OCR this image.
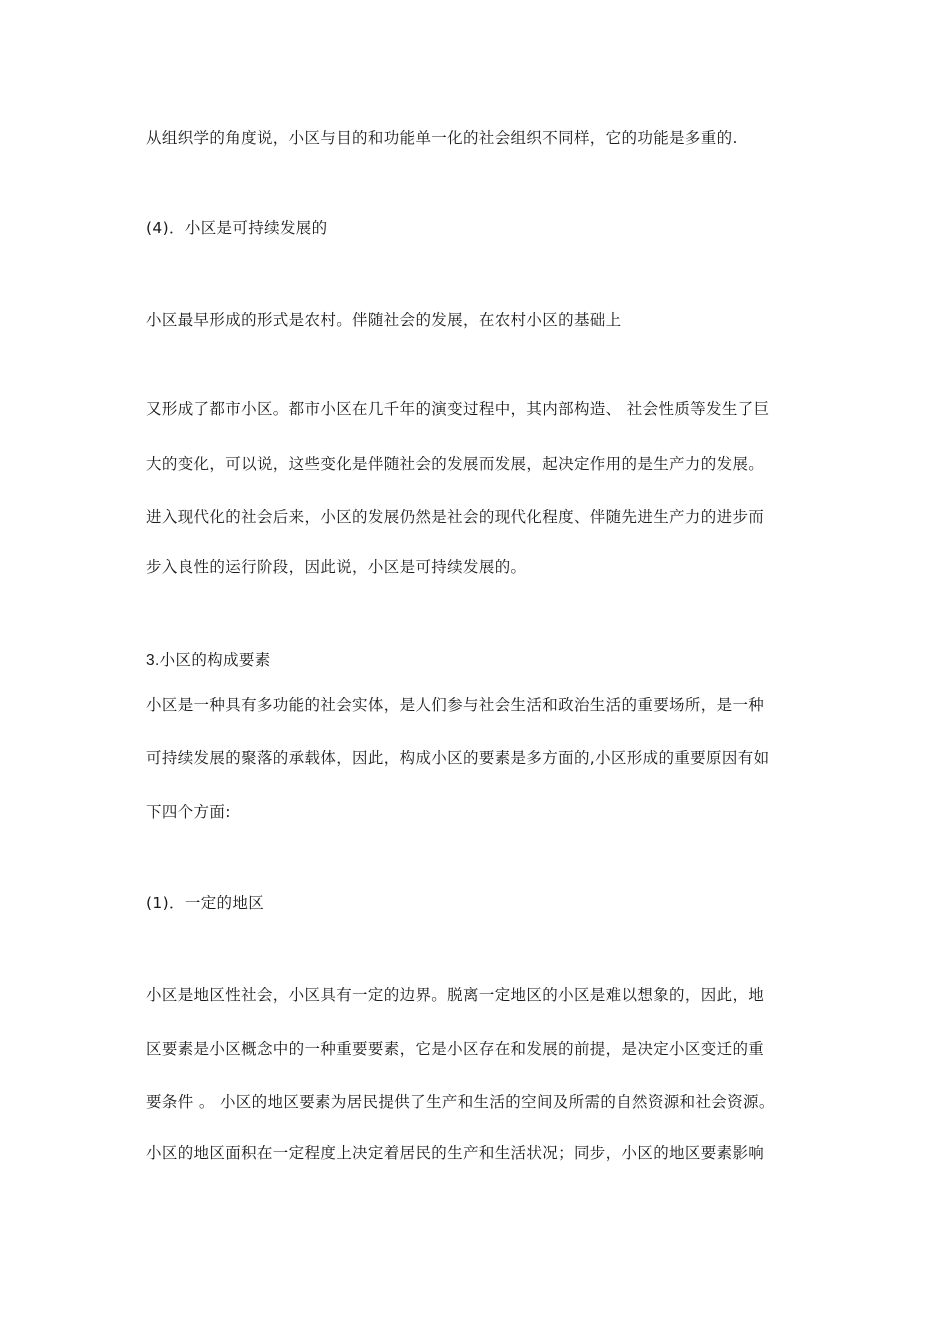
从组织学的角度说，小区与目的和功能单一化的社会组织不同样，它的功能是多重的.
(4)．小区是可持续发展的
小区最早形成的形式是农村。伴随社会的发展，在农村小区的基础上
又形成了都市小区。都市小区在几千年的演变过程中，其内部构造、 社会性质等发生了巨
大的变化，可以说，这些变化是伴随社会的发展而发展，起决定作用的是生产力的发展。
进入现代化的社会后来，小区的发展仍然是社会的现代化程度、伴随先进生产力的进步而
步入良性的运行阶段，因此说，小区是可持续发展的。
3.小区的构成要素
小区是一种具有多功能的社会实体，是人们参与社会生活和政治生活的重要场所，是一种
可持续发展的聚落的承载体，因此，构成小区的要素是多方面的,小区形成的重要原因有如
下四个方面:
(1)．一定的地区
小区是地区性社会，小区具有一定的边界。脱离一定地区的小区是难以想象的，因此，地
区要素是小区概念中的一种重要要素，它是小区存在和发展的前提，是决定小区变迁的重
要条件 。 小区的地区要素为居民提供了生产和生活的空间及所需的自然资源和社会资源。
小区的地区面积在一定程度上决定着居民的生产和生活状况；同步，小区的地区要素影响
